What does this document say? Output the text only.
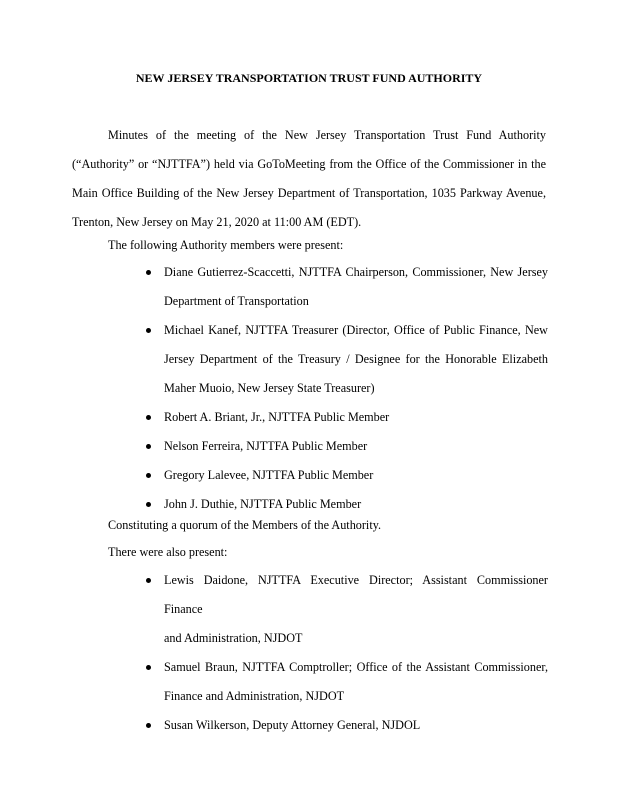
NEW JERSEY TRANSPORTATION TRUST FUND AUTHORITY
Minutes of the meeting of the New Jersey Transportation Trust Fund Authority
(“Authority” or “NJTTFA”) held via GoToMeeting from the Office of the Commissioner in the
Main Office Building of the New Jersey Department of Transportation, 1035 Parkway Avenue,
Trenton, New Jersey on May 21, 2020 at 11:00 AM (EDT).
The following Authority members were present:
Diane Gutierrez-Scaccetti, NJTTFA Chairperson, Commissioner, New Jersey
Department of Transportation
Michael Kanef, NJTTFA Treasurer (Director, Office of Public Finance, New
Jersey Department of the Treasury / Designee for the Honorable Elizabeth
Maher Muoio, New Jersey State Treasurer)
Robert A. Briant, Jr., NJTTFA Public Member
Nelson Ferreira, NJTTFA Public Member
Gregory Lalevee, NJTTFA Public Member
John J. Duthie, NJTTFA Public Member
Constituting a quorum of the Members of the Authority.
There were also present:
Lewis Daidone, NJTTFA Executive Director; Assistant Commissioner Finance
and Administration, NJDOT
Samuel Braun, NJTTFA Comptroller; Office of the Assistant Commissioner,
Finance and Administration, NJDOT
Susan Wilkerson, Deputy Attorney General, NJDOL
